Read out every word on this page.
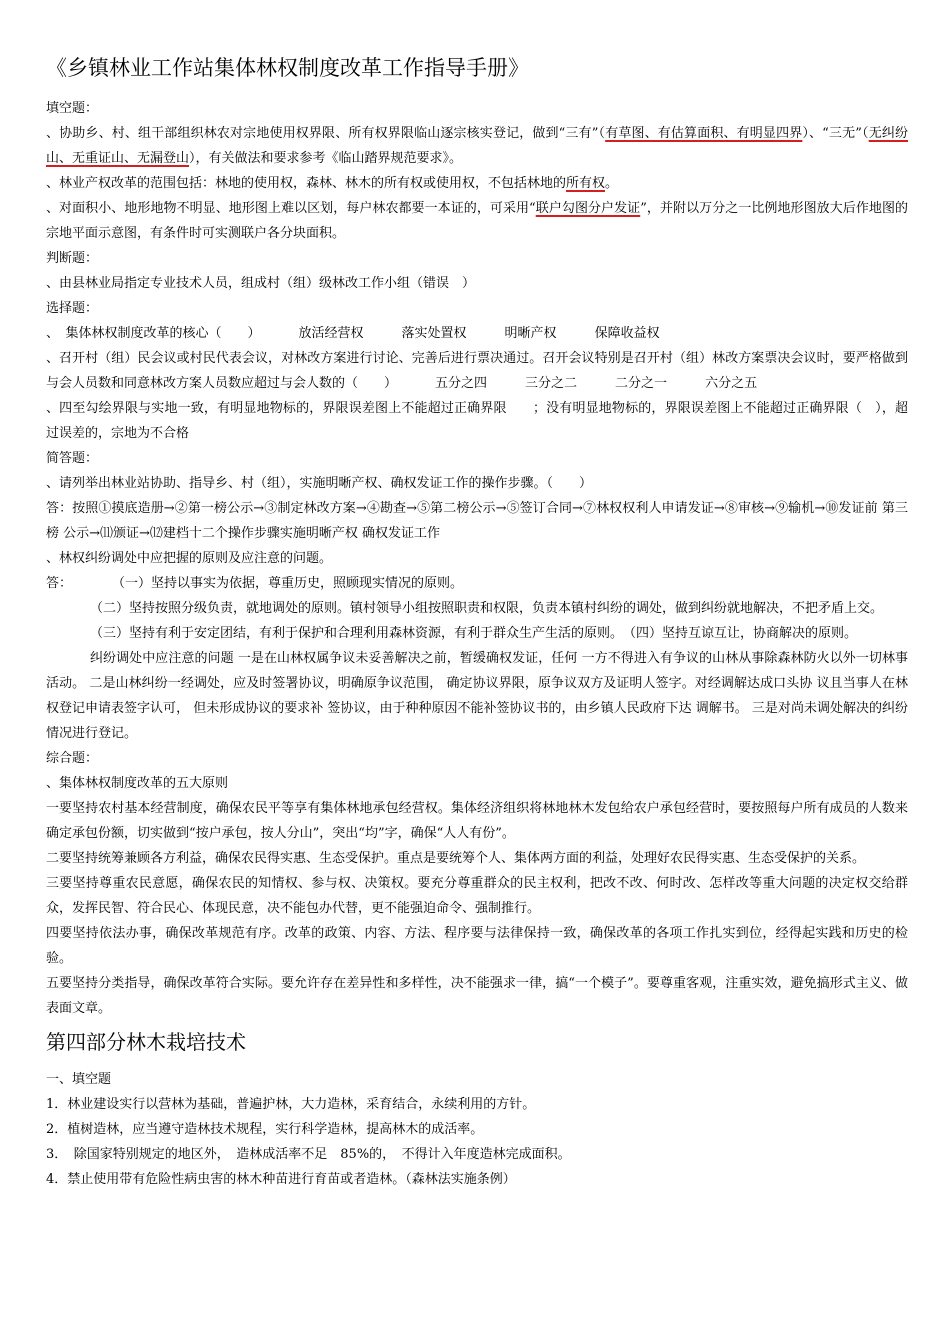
《乡镇林业工作站集体林权制度改革工作指导手册》

填空题：

、协助乡、村、组干部组织林农对宗地使用权界限、所有权界限临山逐宗核实登记，做到“三有”（有草图、有估算面积、有明显四界）、“三无”（无纠纷山、无重证山、无漏登山），有关做法和要求参考《临山踏界规范要求》。

、林业产权改革的范围包括：林地的使用权，森林、林木的所有权或使用权，不包括林地的所有权。

、对面积小、地形地物不明显、地形图上难以区划，每户林农都要一本证的，可采用“联户勾图分户发证”，并附以万分之一比例地形图放大后作地图的宗地平面示意图，有条件时可实测联户各分块面积。

判断题：

、由县林业局指定专业技术人员，组成村（组）级林改工作小组（错误　）

选择题：

、　集体林权制度改革的核心（　　）	放活经营权	落实处置权	明晰产权	保障收益权

、召开村（组）民会议或村民代表会议，对林改方案进行讨论、完善后进行票决通过。召开会议特别是召开村（组）林改方案票决会议时，要严格做到与会人员数和同意林改方案人员数应超过与会人数的（　　）	五分之四	三分之二	二分之一	六分之五

、四至勾绘界限与实地一致，有明显地物标的，界限误差图上不能超过正确界限　　；没有明显地物标的，界限误差图上不能超过正确界限（　），超过误差的，宗地为不合格

简答题：

、请列举出林业站协助、指导乡、村（组），实施明晰产权、确权发证工作的操作步骤。（　　）

答：按照①摸底造册→②第一榜公示→③制定林改方案→④勘查→⑤第二榜公示→⑤签订合同→⑦林权权利人申请发证→⑧审核→⑨输机→⑩发证前 第三榜 公示→⑾颁证→⑿建档十二个操作步骤实施明晰产权 确权发证工作

、林权纠纷调处中应把握的原则及应注意的问题。

答：	（一）坚持以事实为依据，尊重历史，照顾现实情况的原则。

（二）坚持按照分级负责，就地调处的原则。镇村领导小组按照职责和权限，负责本镇村纠纷的调处，做到纠纷就地解决，不把矛盾上交。

（三）坚持有利于安定团结，有利于保护和合理利用森林资源，有利于群众生产生活的原则。　（四）坚持互谅互让，协商解决的原则。

纠纷调处中应注意的问题 一是在山林权属争议未妥善解决之前，暂缓确权发证，任何 一方不得进入有争议的山林从事除森林防火以外一切林事活动。 二是山林纠纷一经调处，应及时签署协议，明确原争议范围， 确定协议界限，原争议双方及证明人签字。对经调解达成口头协 议且当事人在林权登记申请表签字认可， 但未形成协议的要求补 签协议，由于种种原因不能补签协议书的，由乡镇人民政府下达 调解书。 三是对尚未调处解决的纠纷情况进行登记。

综合题：

、集体林权制度改革的五大原则

一要坚持农村基本经营制度，确保农民平等享有集体林地承包经营权。集体经济组织将林地林木发包给农户承包经营时，要按照每户所有成员的人数来确定承包份额，切实做到“按户承包，按人分山”，突出“均”字，确保“人人有份”。

二要坚持统筹兼顾各方利益，确保农民得实惠、生态受保护。重点是要统筹个人、集体两方面的利益，处理好农民得实惠、生态受保护的关系。

三要坚持尊重农民意愿，确保农民的知情权、参与权、决策权。要充分尊重群众的民主权利，把改不改、何时改、怎样改等重大问题的决定权交给群众，发挥民智、符合民心、体现民意，决不能包办代替，更不能强迫命令、强制推行。

四要坚持依法办事，确保改革规范有序。改革的政策、内容、方法、程序要与法律保持一致，确保改革的各项工作扎实到位，经得起实践和历史的检验。

五要坚持分类指导，确保改革符合实际。要允许存在差异性和多样性，决不能强求一律，搞“一个模子”。要尊重客观，注重实效，避免搞形式主义、做表面文章。

第四部分林木栽培技术

一、填空题

1．林业建设实行以营林为基础，普遍护林，大力造林，采育结合，永续利用的方针。

2．植树造林，应当遵守造林技术规程，实行科学造林，提高林木的成活率。

3．　除国家特别规定的地区外，　造林成活率不足　85%的，　不得计入年度造林完成面积。

4．禁止使用带有危险性病虫害的林木种苗进行育苗或者造林。（森林法实施条例）
